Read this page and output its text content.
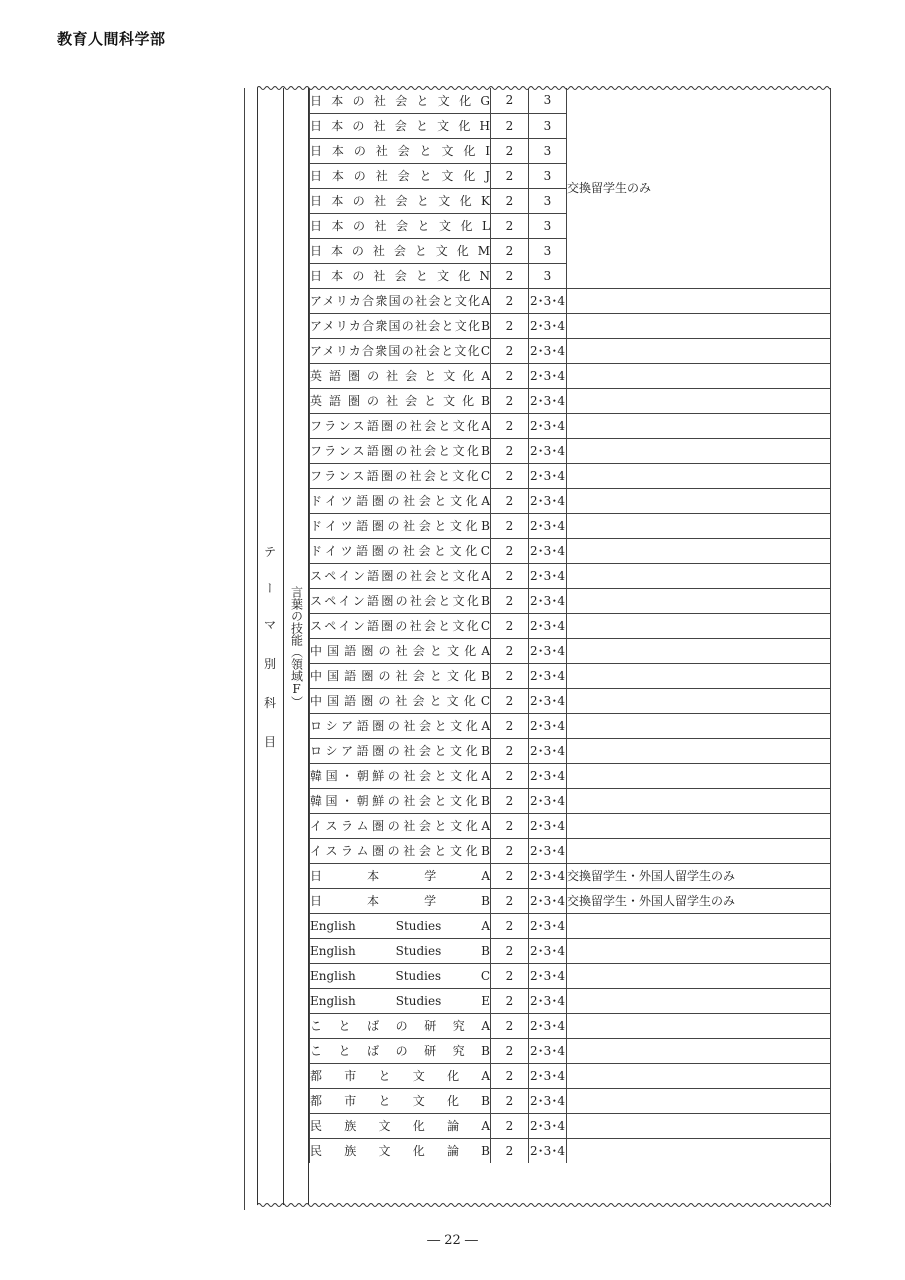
教育人間科学部
テ
ー
マ
別
科
目
言葉の技能（領域F）
日本の社会と文化G	2	3	交換留学生のみ
日本の社会と文化H	2	3	
日本の社会と文化I	2	3	
日本の社会と文化J	2	3	
日本の社会と文化K	2	3	
日本の社会と文化L	2	3	
日本の社会と文化M	2	3	
日本の社会と文化N	2	3	
アメリカ合衆国の社会と文化A	2	2･3･4	
アメリカ合衆国の社会と文化B	2	2･3･4	
アメリカ合衆国の社会と文化C	2	2･3･4	
英語圏の社会と文化A	2	2･3･4	
英語圏の社会と文化B	2	2･3･4	
フランス語圏の社会と文化A	2	2･3･4	
フランス語圏の社会と文化B	2	2･3･4	
フランス語圏の社会と文化C	2	2･3･4	
ドイツ語圏の社会と文化A	2	2･3･4	
ドイツ語圏の社会と文化B	2	2･3･4	
ドイツ語圏の社会と文化C	2	2･3･4	
スペイン語圏の社会と文化A	2	2･3･4	
スペイン語圏の社会と文化B	2	2･3･4	
スペイン語圏の社会と文化C	2	2･3･4	
中国語圏の社会と文化A	2	2･3･4	
中国語圏の社会と文化B	2	2･3･4	
中国語圏の社会と文化C	2	2･3･4	
ロシア語圏の社会と文化A	2	2･3･4	
ロシア語圏の社会と文化B	2	2･3･4	
韓国・朝鮮の社会と文化A	2	2･3･4	
韓国・朝鮮の社会と文化B	2	2･3･4	
イスラム圏の社会と文化A	2	2･3･4	
イスラム圏の社会と文化B	2	2･3･4	
日本学A	2	2･3･4	交換留学生・外国人留学生のみ
日本学B	2	2･3･4	交換留学生・外国人留学生のみ
English Studies A	2	2･3･4	
English Studies B	2	2･3･4	
English Studies C	2	2･3･4	
English Studies E	2	2･3･4	
ことばの研究A	2	2･3･4	
ことばの研究B	2	2･3･4	
都市と文化A	2	2･3･4	
都市と文化B	2	2･3･4	
民族文化論A	2	2･3･4	
民族文化論B	2	2･3･4	
― 22 ―
